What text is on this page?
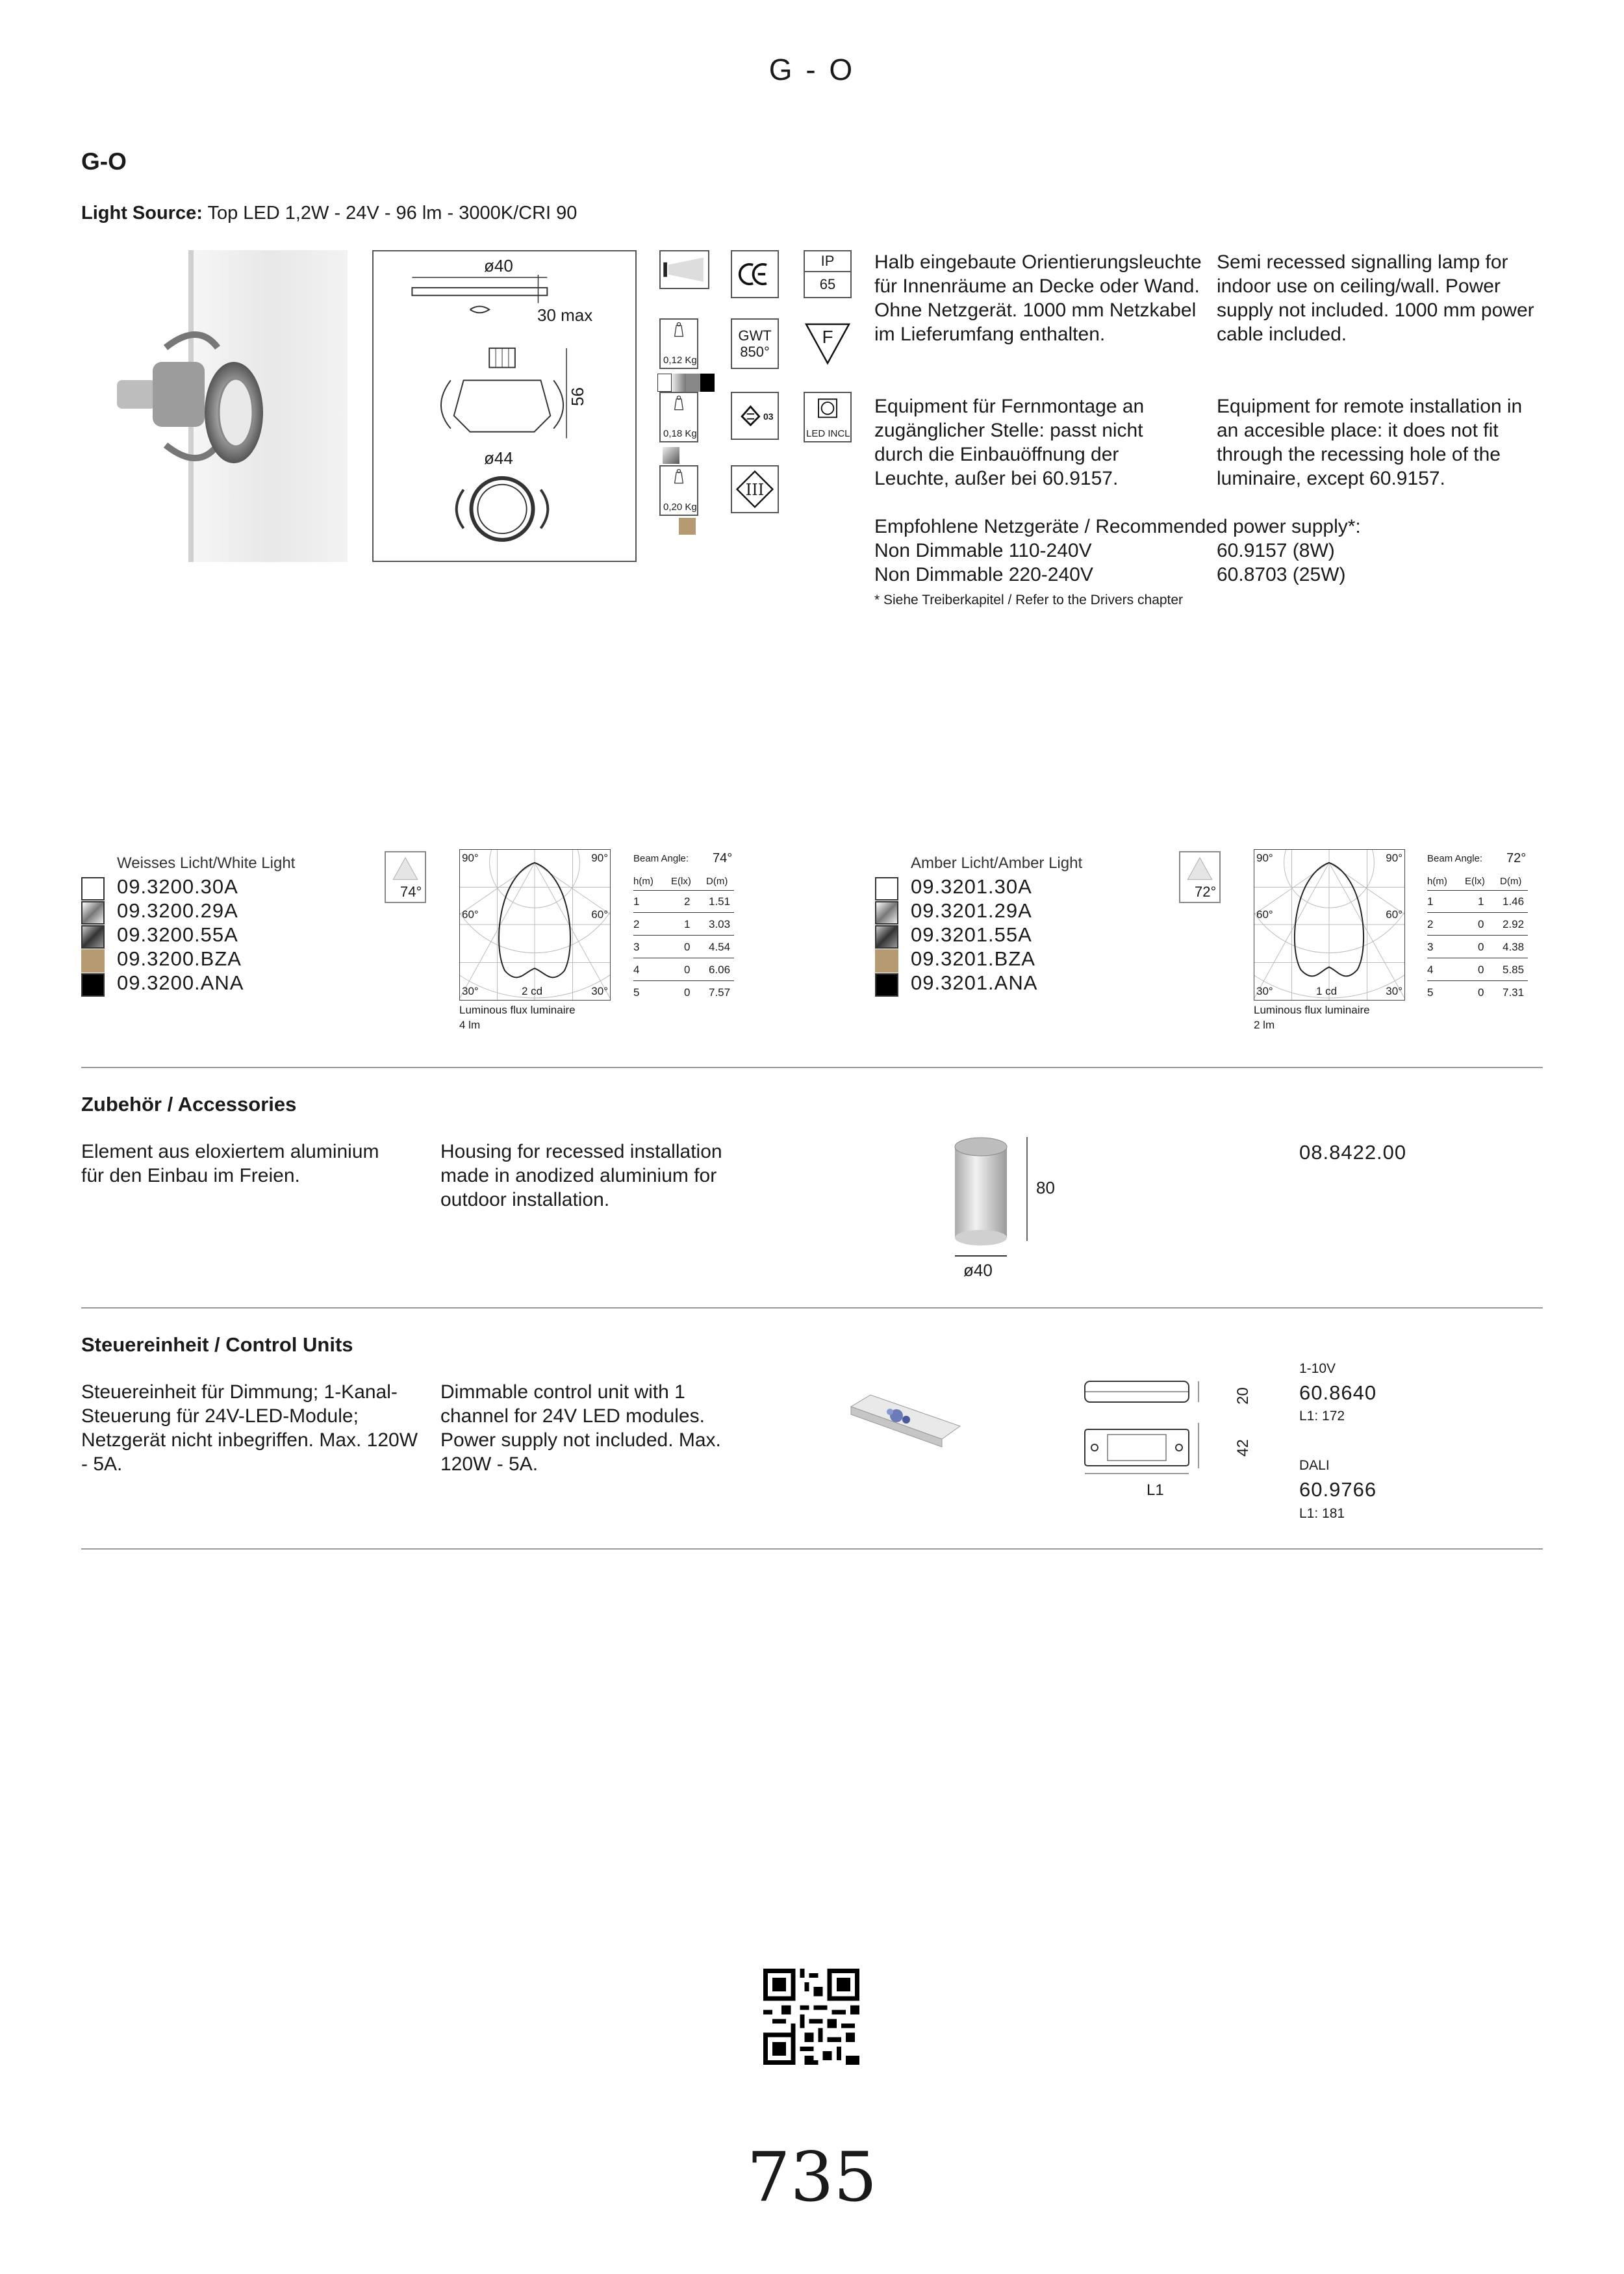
G - O
G-O
Light Source: Top LED 1,2W - 24V - 96 lm - 3000K/CRI 90
ø40
30 max
56
ø44
0,12 Kg
0,18 Kg
0,20 Kg
GWT
850°
03
III
IP
65
F
LED INCL
Halb eingebaute Orientierungsleuchte für Innenräume an Decke oder Wand. Ohne Netzgerät. 1000 mm Netzkabel im Lieferumfang enthalten.
Semi recessed signalling lamp for indoor use on ceiling/wall. Power supply not included. 1000 mm power cable included.
Equipment für Fernmontage an zugänglicher Stelle: passt nicht durch die Einbauöffnung der Leuchte, außer bei 60.9157.
Equipment for remote installation in an accesible place: it does not fit through the recessing hole of the luminaire, except 60.9157.
Empfohlene Netzgeräte / Recommended power supply*:
Non Dimmable 110-240V	60.9157 (8W)
Non Dimmable 220-240V	60.8703 (25W)
* Siehe Treiberkapitel / Refer to the Drivers chapter
Weisses Licht/White Light
09.3200.30A
09.3200.29A
09.3200.55A
09.3200.BZA
09.3200.ANA
74°
90°	90°
60°	60°
30°	30°
2 cd
Luminous flux luminaire
4 lm
Beam Angle: 74°
h(m) E(lx) D(m)
1	2 1.51
2	1 3.03
3	0 4.54
4	0 6.06
5	0 7.57
Amber Licht/Amber Light
09.3201.30A
09.3201.29A
09.3201.55A
09.3201.BZA
09.3201.ANA
72°
90°	90°
60°	60°
30°	30°
1 cd
Luminous flux luminaire
2 lm
Beam Angle: 72°
h(m) E(lx) D(m)
1	1 1.46
2	0 2.92
3	0 4.38
4	0 5.85
5	0 7.31
Zubehör / Accessories
Element aus eloxiertem aluminium für den Einbau im Freien.
Housing for recessed installation made in anodized aluminium for outdoor installation.
80
ø40
08.8422.00
Steuereinheit / Control Units
Steuereinheit für Dimmung; 1-Kanal-Steuerung für 24V-LED-Module; Netzgerät nicht inbegriffen. Max. 120W - 5A.
Dimmable control unit with 1 channel for 24V LED modules. Power supply not included. Max. 120W - 5A.
20
42
L1
1-10V
60.8640
L1: 172
DALI
60.9766
L1: 181
735
